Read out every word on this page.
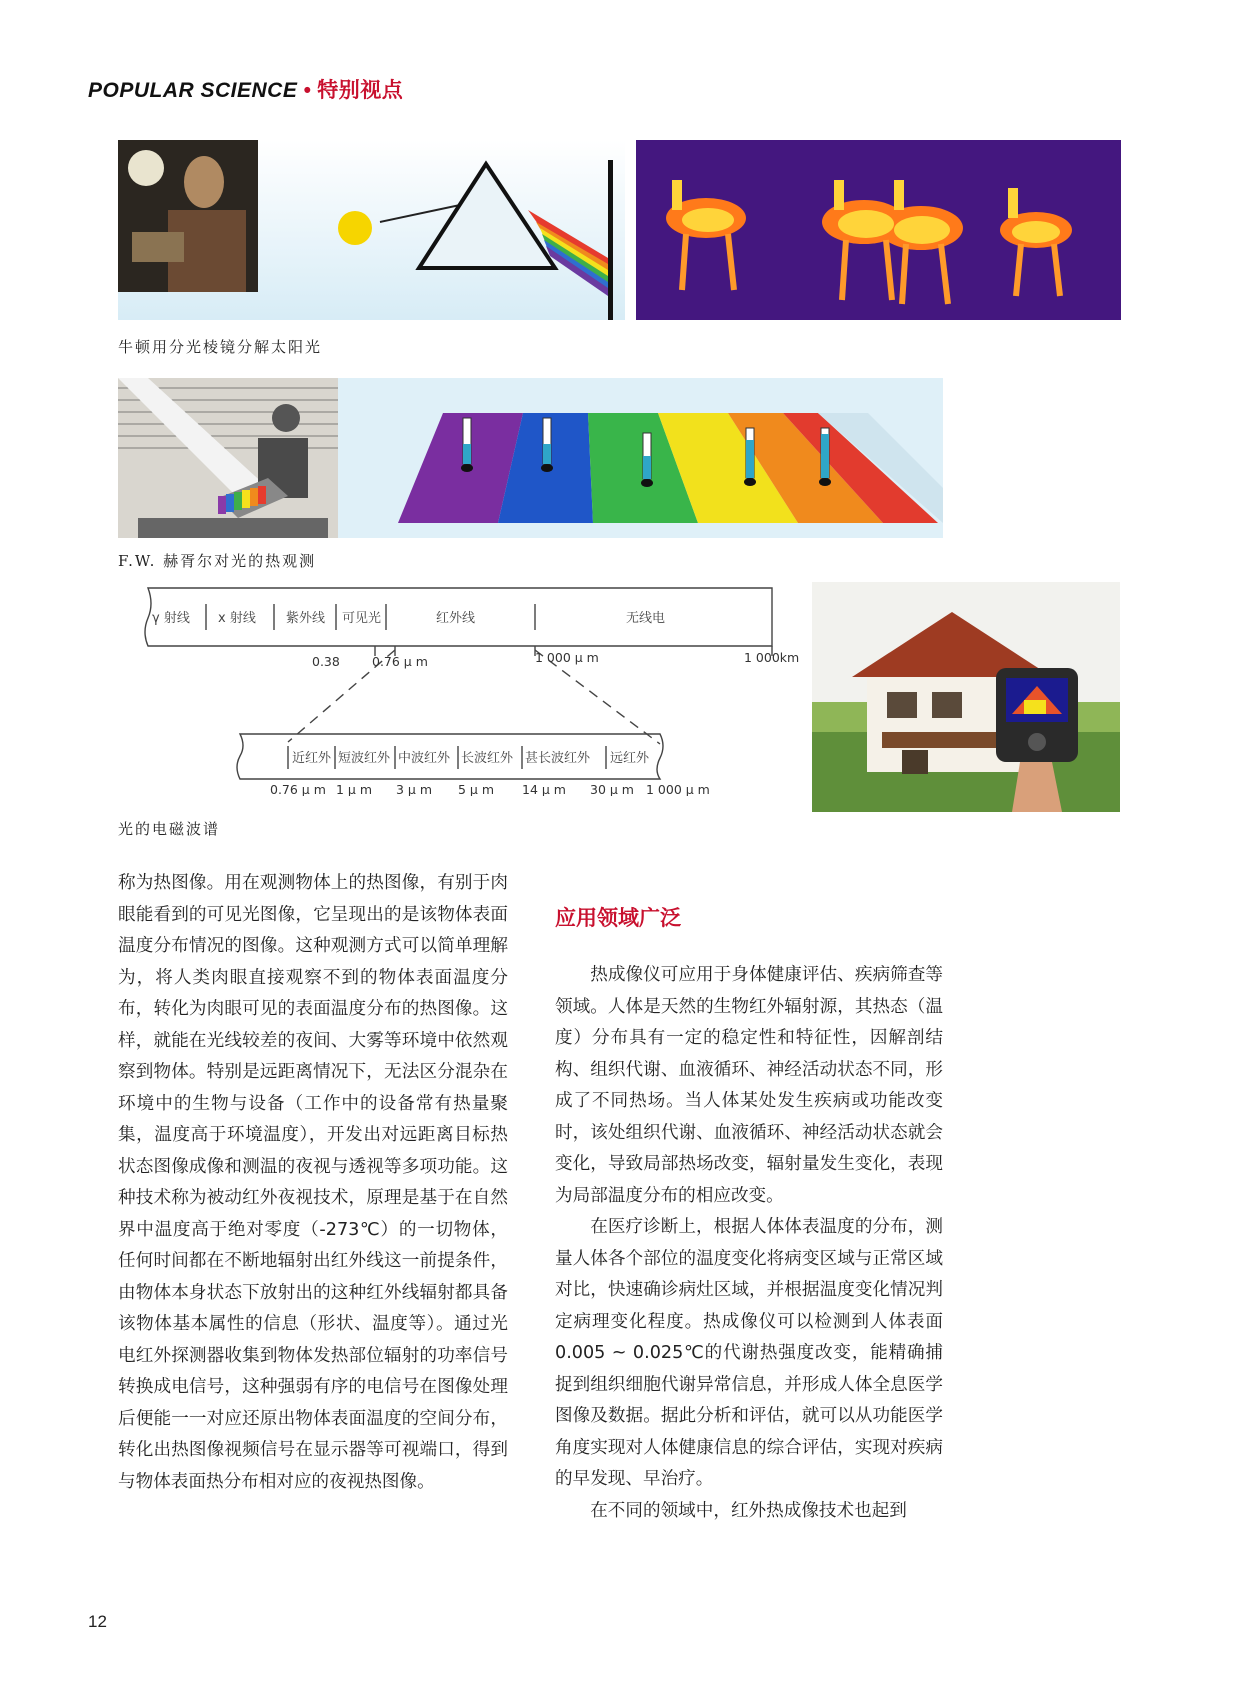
POPULAR SCIENCE • 特别视点
牛顿用分光棱镜分解太阳光
F.W. 赫胥尔对光的热观测
γ 射线 x 射线 紫外线 可见光	红外线	无线电
0.38	0.76 μ m	1 000 μ m	1 000km
近红外 短波红外 中波红外 长波红外 甚长波红外 远红外
0.76 μ m 1 μ m 3 μ m 5 μ m 14 μ m 30 μ m 1 000 μ m
光的电磁波谱

称为热图像。用在观测物体上的热图像，有别于肉眼能看到的可见光图像，它呈现出的是该物体表面温度分布情况的图像。这种观测方式可以简单理解为，将人类肉眼直接观察不到的物体表面温度分布，转化为肉眼可见的表面温度分布的热图像。这样，就能在光线较差的夜间、大雾等环境中依然观察到物体。特别是远距离情况下，无法区分混杂在环境中的生物与设备（工作中的设备常有热量聚集，温度高于环境温度），开发出对远距离目标热状态图像成像和测温的夜视与透视等多项功能。这种技术称为被动红外夜视技术，原理是基于在自然界中温度高于绝对零度（-273℃）的一切物体，任何时间都在不断地辐射出红外线这一前提条件，由物体本身状态下放射出的这种红外线辐射都具备该物体基本属性的信息（形状、温度等）。通过光电红外探测器收集到物体发热部位辐射的功率信号转换成电信号，这种强弱有序的电信号在图像处理后便能一一对应还原出物体表面温度的空间分布，转化出热图像视频信号在显示器等可视端口，得到与物体表面热分布相对应的夜视热图像。

应用领域广泛

热成像仪可应用于身体健康评估、疾病筛查等领域。人体是天然的生物红外辐射源，其热态（温度）分布具有一定的稳定性和特征性，因解剖结构、组织代谢、血液循环、神经活动状态不同，形成了不同热场。当人体某处发生疾病或功能改变时，该处组织代谢、血液循环、神经活动状态就会变化，导致局部热场改变，辐射量发生变化，表现为局部温度分布的相应改变。

在医疗诊断上，根据人体体表温度的分布，测量人体各个部位的温度变化将病变区域与正常区域对比，快速确诊病灶区域，并根据温度变化情况判定病理变化程度。热成像仪可以检测到人体表面 0.005 ~ 0.025℃的代谢热强度改变，能精确捕捉到组织细胞代谢异常信息，并形成人体全息医学图像及数据。据此分析和评估，就可以从功能医学角度实现对人体健康信息的综合评估，实现对疾病的早发现、早治疗。

在不同的领域中，红外热成像技术也起到

12
